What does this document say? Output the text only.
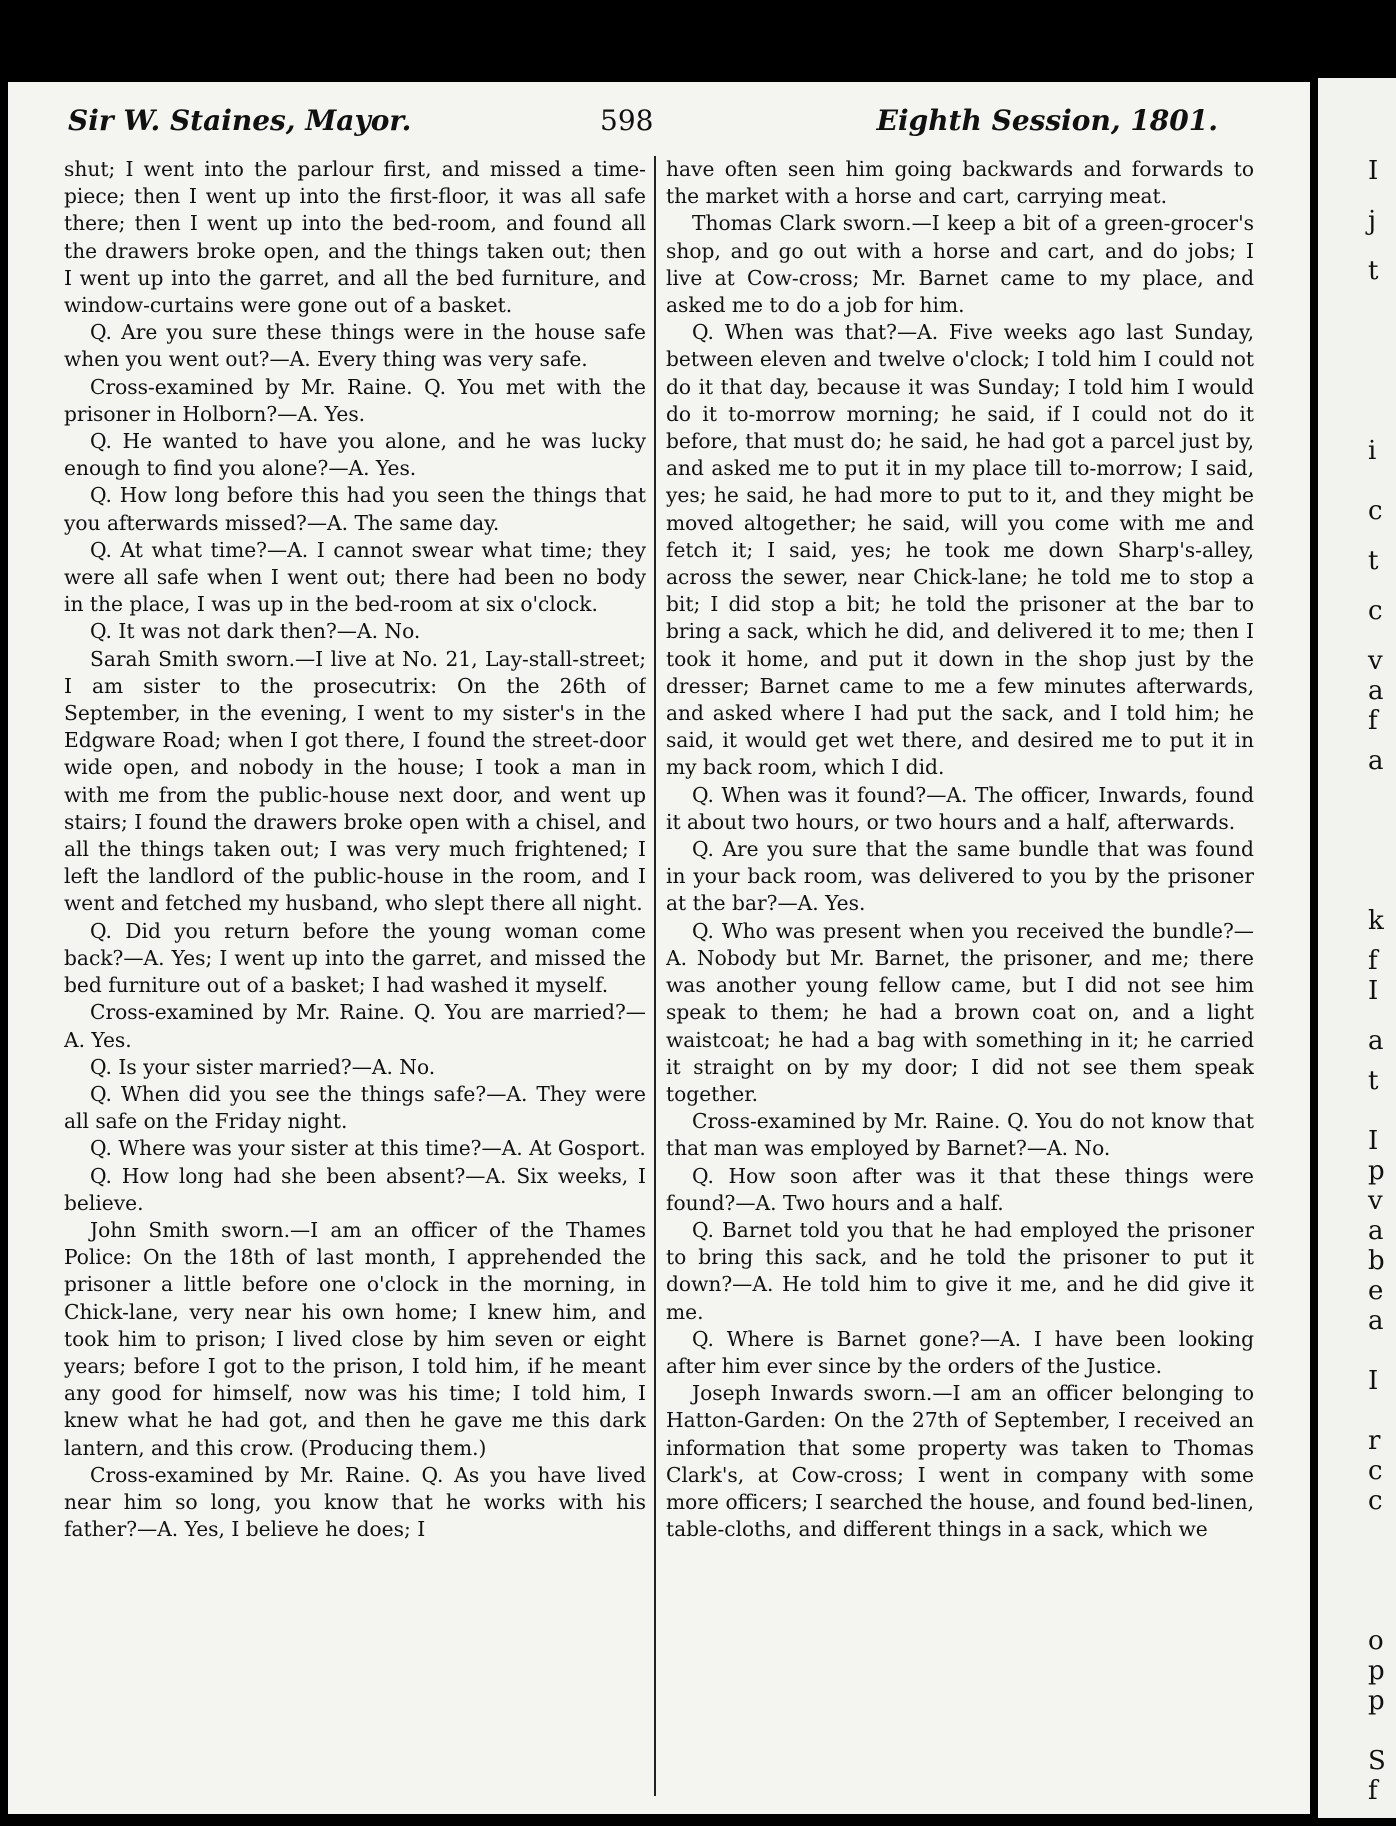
Sir W. Staines, Mayor.	598	Eighth Session, 1801.

shut; I went into the parlour first, and missed a time-piece; then I went up into the first-floor, it was all safe there; then I went up into the bed-room, and found all the drawers broke open, and the things taken out; then I went up into the garret, and all the bed furniture, and window-curtains were gone out of a basket.

Q. Are you sure these things were in the house safe when you went out?—A. Every thing was very safe.

Cross-examined by Mr. Raine. Q. You met with the prisoner in Holborn?—A. Yes.

Q. He wanted to have you alone, and he was lucky enough to find you alone?—A. Yes.

Q. How long before this had you seen the things that you afterwards missed?—A. The same day.

Q. At what time?—A. I cannot swear what time; they were all safe when I went out; there had been no body in the place, I was up in the bed-room at six o'clock.

Q. It was not dark then?—A. No.

Sarah Smith sworn.—I live at No. 21, Lay-stall-street; I am sister to the prosecutrix: On the 26th of September, in the evening, I went to my sister's in the Edgware Road; when I got there, I found the street-door wide open, and nobody in the house; I took a man in with me from the public-house next door, and went up stairs; I found the drawers broke open with a chisel, and all the things taken out; I was very much frightened; I left the landlord of the public-house in the room, and I went and fetched my husband, who slept there all night.

Q. Did you return before the young woman come back?—A. Yes; I went up into the garret, and missed the bed furniture out of a basket; I had washed it myself.

Cross-examined by Mr. Raine. Q. You are married?—A. Yes.

Q. Is your sister married?—A. No.

Q. When did you see the things safe?—A. They were all safe on the Friday night.

Q. Where was your sister at this time?—A. At Gosport.

Q. How long had she been absent?—A. Six weeks, I believe.

John Smith sworn.—I am an officer of the Thames Police: On the 18th of last month, I apprehended the prisoner a little before one o'clock in the morning, in Chick-lane, very near his own home; I knew him, and took him to prison; I lived close by him seven or eight years; before I got to the prison, I told him, if he meant any good for himself, now was his time; I told him, I knew what he had got, and then he gave me this dark lantern, and this crow. (Producing them.)

Cross-examined by Mr. Raine. Q. As you have lived near him so long, you know that he works with his father?—A. Yes, I believe he does; I

have often seen him going backwards and forwards to the market with a horse and cart, carrying meat.

Thomas Clark sworn.—I keep a bit of a green-grocer's shop, and go out with a horse and cart, and do jobs; I live at Cow-cross; Mr. Barnet came to my place, and asked me to do a job for him.

Q. When was that?—A. Five weeks ago last Sunday, between eleven and twelve o'clock; I told him I could not do it that day, because it was Sunday; I told him I would do it to-morrow morning; he said, if I could not do it before, that must do; he said, he had got a parcel just by, and asked me to put it in my place till to-morrow; I said, yes; he said, he had more to put to it, and they might be moved altogether; he said, will you come with me and fetch it; I said, yes; he took me down Sharp's-alley, across the sewer, near Chick-lane; he told me to stop a bit; I did stop a bit; he told the prisoner at the bar to bring a sack, which he did, and delivered it to me; then I took it home, and put it down in the shop just by the dresser; Barnet came to me a few minutes afterwards, and asked where I had put the sack, and I told him; he said, it would get wet there, and desired me to put it in my back room, which I did.

Q. When was it found?—A. The officer, Inwards, found it about two hours, or two hours and a half, afterwards.

Q. Are you sure that the same bundle that was found in your back room, was delivered to you by the prisoner at the bar?—A. Yes.

Q. Who was present when you received the bundle?—A. Nobody but Mr. Barnet, the prisoner, and me; there was another young fellow came, but I did not see him speak to them; he had a brown coat on, and a light waistcoat; he had a bag with something in it; he carried it straight on by my door; I did not see them speak together.

Cross-examined by Mr. Raine. Q. You do not know that that man was employed by Barnet?—A. No.

Q. How soon after was it that these things were found?—A. Two hours and a half.

Q. Barnet told you that he had employed the prisoner to bring this sack, and he told the prisoner to put it down?—A. He told him to give it me, and he did give it me.

Q. Where is Barnet gone?—A. I have been looking after him ever since by the orders of the Justice.

Joseph Inwards sworn.—I am an officer belonging to Hatton-Garden: On the 27th of September, I received an information that some property was taken to Thomas Clark's, at Cow-cross; I went in company with some more officers; I searched the house, and found bed-linen, table-cloths, and different things in a sack, which we

I
j
t
i
c
t
c
v
a
f
a
k
f
I
a
t
I
p
v
a
b
e
a
I
r
c
c
o
p
p
S
f
